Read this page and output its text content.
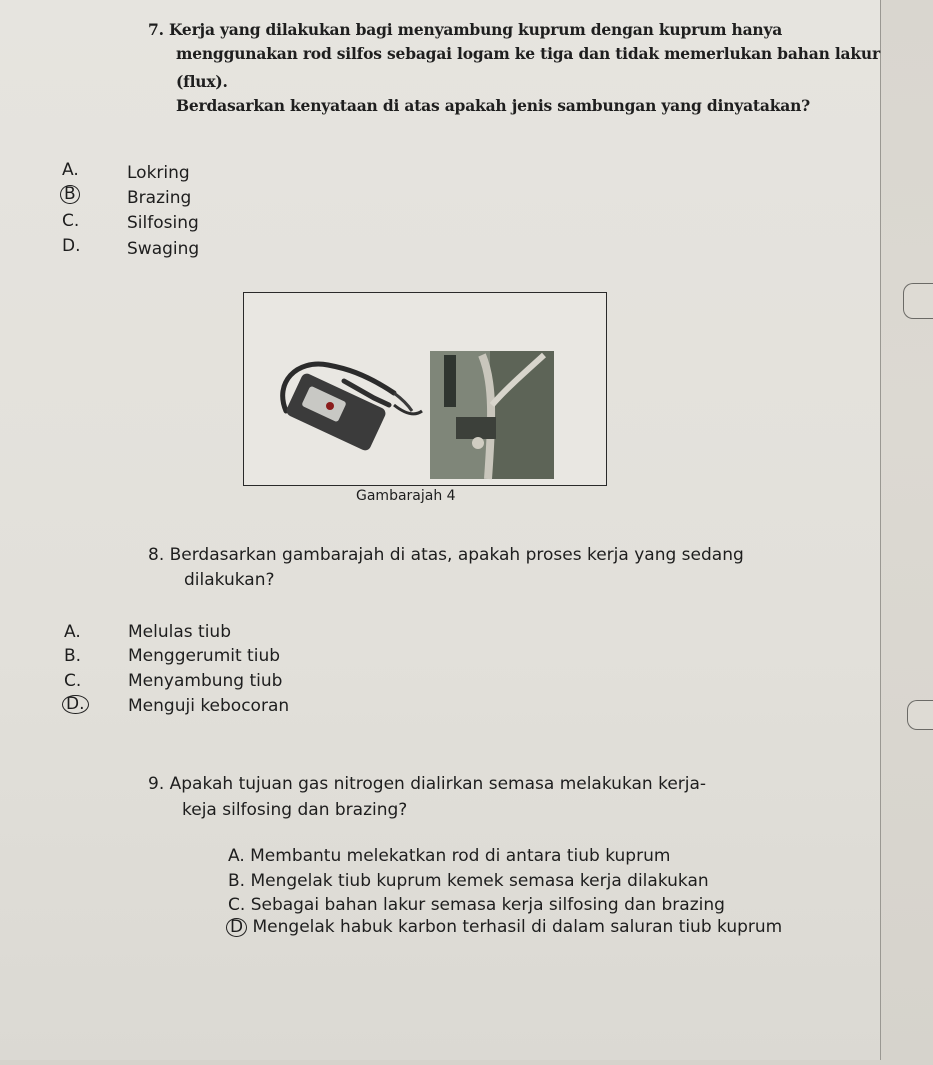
7. Kerja yang dilakukan bagi menyambung kuprum dengan kuprum hanya
menggunakan rod silfos sebagai logam ke tiga dan tidak memerlukan bahan lakur
(flux).
Berdasarkan kenyataan di atas apakah jenis sambungan yang dinyatakan?
A.	Lokring
B	Brazing
C.	Silfosing
D.	Swaging
Gambarajah 4
8. Berdasarkan gambarajah di atas, apakah proses kerja yang sedang
dilakukan?
A.	Melulas tiub
B.	Menggerumit tiub
C.	Menyambung tiub
D.	Menguji kebocoran
9. Apakah tujuan gas nitrogen dialirkan semasa melakukan kerja-
keja silfosing dan brazing?
A. Membantu melekatkan rod di antara tiub kuprum
B. Mengelak tiub kuprum kemek semasa kerja dilakukan
C. Sebagai bahan lakur semasa kerja silfosing dan brazing
D Mengelak habuk karbon terhasil di dalam saluran tiub kuprum
